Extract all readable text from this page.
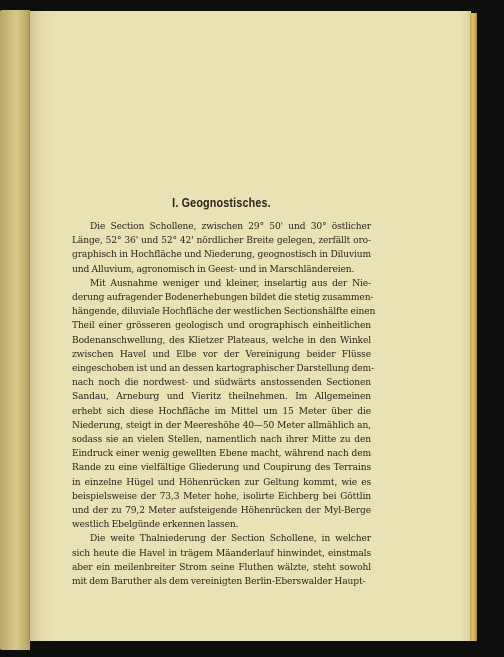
I. Geognostisches.

Die Section Schollene, zwischen 29° 50' und 30° östlicher
Länge, 52° 36' und 52° 42' nördlicher Breite gelegen, zerfällt oro-
graphisch in Hochfläche und Niederung, geognostisch in Diluvium
und Alluvium, agronomisch in Geest- und in Marschländereien.

Mit Ausnahme weniger und kleiner, inselartig aus der Nie-
derung aufragender Bodenerhebungen bildet die stetig zusammen-
hängende, diluviale Hochfläche der westlichen Sectionshälfte einen
Theil einer grösseren geologisch und orographisch einheitlichen
Bodenanschwellung, des Klietzer Plateaus, welche in den Winkel
zwischen Havel und Elbe vor der Vereinigung beider Flüsse
eingeschoben ist und an dessen kartographischer Darstellung dem-
nach noch die nordwest- und südwärts anstossenden Sectionen
Sandau, Arneburg und Vieritz theilnehmen. Im Allgemeinen
erhebt sich diese Hochfläche im Mittel um 15 Meter über die
Niederung, steigt in der Meereshöhe 40—50 Meter allmählich an,
sodass sie an vielen Stellen, namentlich nach ihrer Mitte zu den
Eindruck einer wenig gewellten Ebene macht, während nach dem
Rande zu eine vielfältige Gliederung und Coupirung des Terrains
in einzelne Hügel und Höhenrücken zur Geltung kommt, wie es
beispielsweise der 73,3 Meter hohe, isolirte Eichberg bei Göttlin
und der zu 79,2 Meter aufsteigende Höhenrücken der Myl-Berge
westlich Ebelgünde erkennen lassen.

Die weite Thalniederung der Section Schollene, in welcher
sich heute die Havel in trägem Mäanderlauf hinwindet, einstmals
aber ein meilenbreiter Strom seine Fluthen wälzte, steht sowohl
mit dem Baruther als dem vereinigten Berlin-Eberswalder Haupt-
